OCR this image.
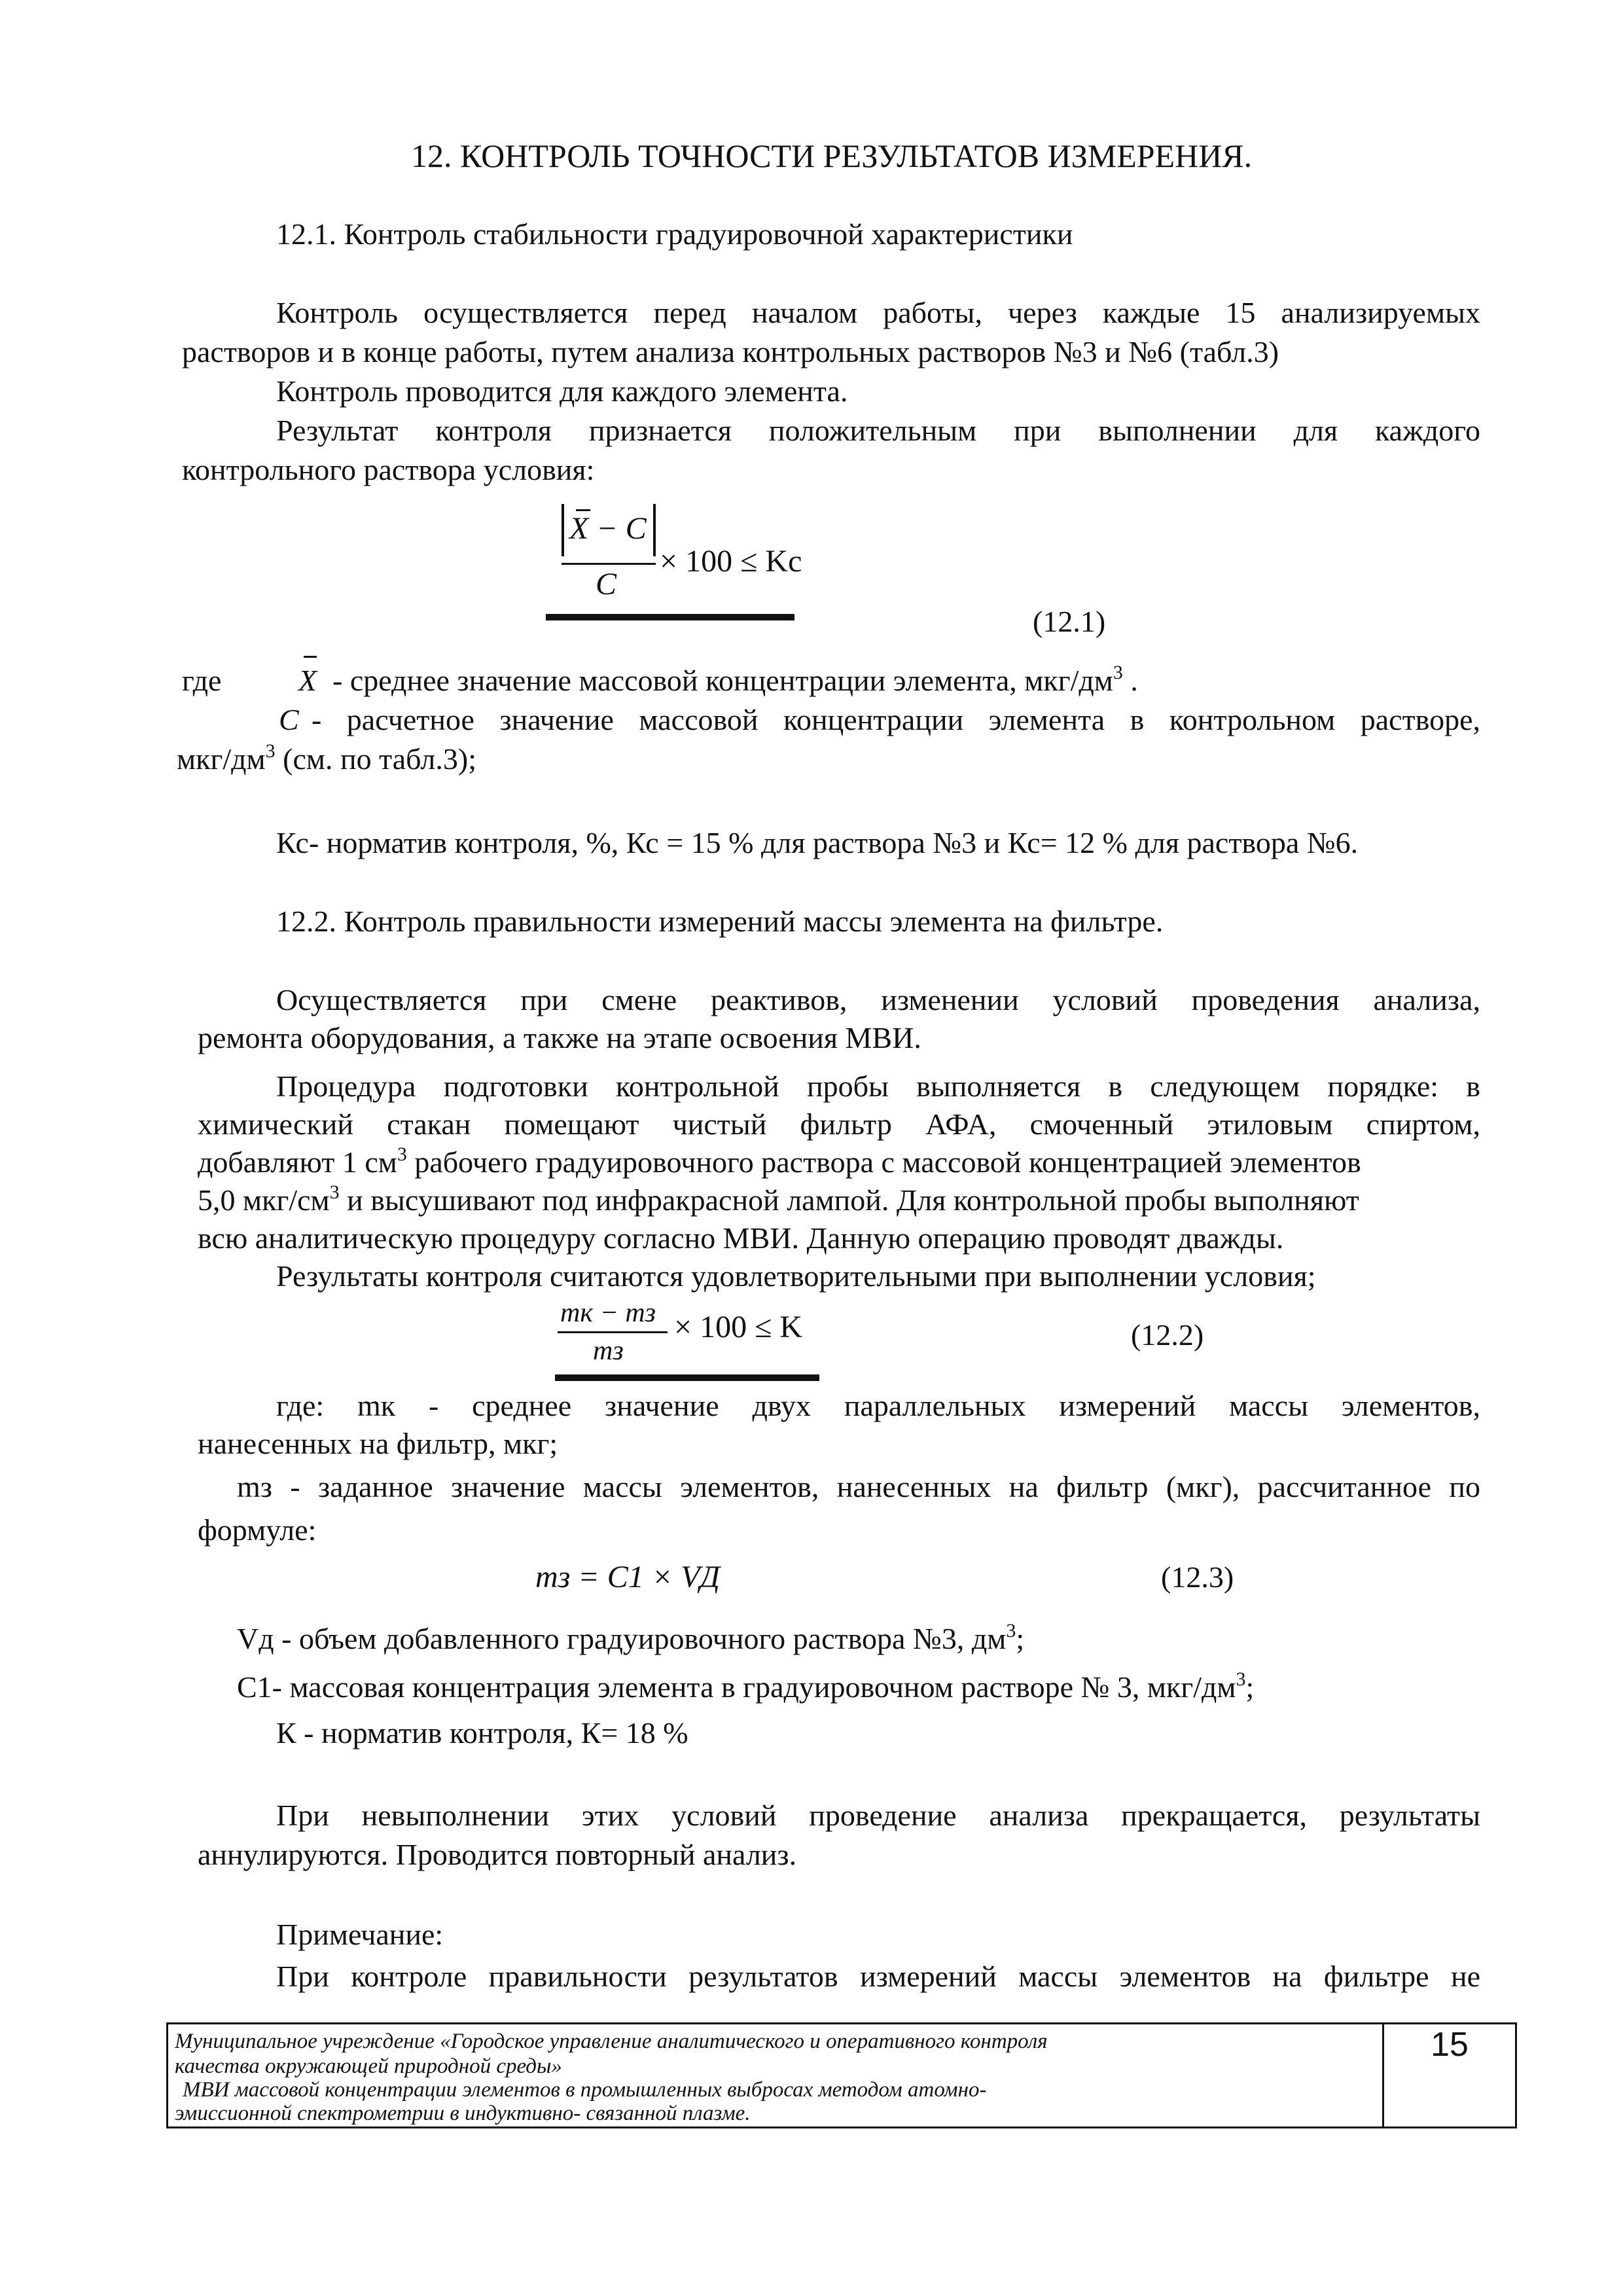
12. КОНТРОЛЬ ТОЧНОСТИ РЕЗУЛЬТАТОВ ИЗМЕРЕНИЯ.
12.1. Контроль стабильности градуировочной характеристики
Контроль осуществляется перед началом работы, через каждые 15 анализируемых
растворов и в конце работы, путем анализа контрольных растворов №3 и №6 (табл.3)
Контроль проводится для каждого элемента.
Результат контроля признается положительным при выполнении для каждого
контрольного раствора условия:
X − C
C
× 100 ≤ Kc
(12.1)
где	X - среднее значение массовой концентрации элемента, мкг/$дм^3$ .
C - расчетное значение массовой концентрации элемента в контрольном растворе,
мкг/$дм^3$ (см. по табл.3);
Кс- норматив контроля, %, Кс = 15 % для раствора №3 и Кс= 12 % для раствора №6.
12.2. Контроль правильности измерений массы элемента на фильтре.
Осуществляется при смене реактивов, изменении условий проведения анализа,
ремонта оборудования, а также на этапе освоения МВИ.
Процедура подготовки контрольной пробы выполняется в следующем порядке: в
химический стакан помещают чистый фильтр АФА, смоченный этиловым спиртом,
добавляют 1 $см^3$ рабочего градуировочного раствора с массовой концентрацией элементов
5,0 мкг/$см^3$ и высушивают под инфракрасной лампой. Для контрольной пробы выполняют
всю аналитическую процедуру согласно МВИ. Данную операцию проводят дважды.
Результаты контроля считаются удовлетворительными при выполнении условия;
mк − mз
mз
× 100 ≤ K	(12.2)
где: mк - среднее значение двух параллельных измерений массы элементов,
нанесенных на фильтр, мкг;
mз - заданное значение массы элементов, нанесенных на фильтр (мкг), рассчитанное по
формуле:
mз = C1 × VД	(12.3)
Vд - объем добавленного градуировочного раствора №3, $дм^3$;
С1- массовая концентрация элемента в градуировочном растворе № 3, мкг/$дм^3$;
К - норматив контроля, К= 18 %
При невыполнении этих условий проведение анализа прекращается, результаты
аннулируются. Проводится повторный анализ.
Примечание:
При контроле правильности результатов измерений массы элементов на фильтре не
Муниципальное учреждение «Городское управление аналитического и оперативного контроля
качества окружающей природной среды»
МВИ массовой концентрации элементов в промышленных выбросах методом атомно-
эмиссионной спектрометрии в индуктивно- связанной плазме.
15
